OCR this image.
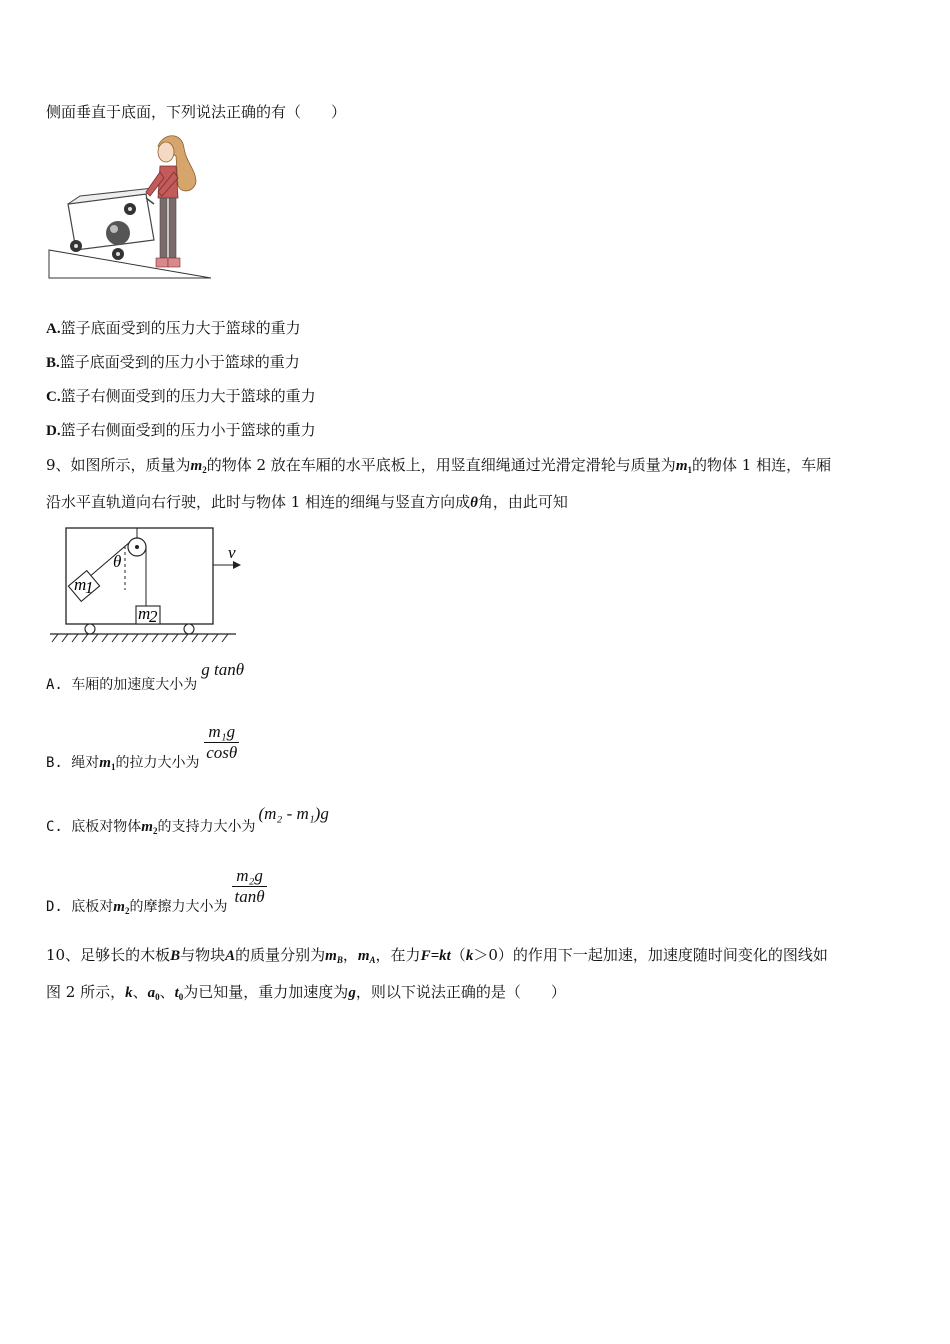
侧面垂直于底面，下列说法正确的有（　　）
A.篮子底面受到的压力大于篮球的重力
B.篮子底面受到的压力小于篮球的重力
C.篮子右侧面受到的压力大于篮球的重力
D.篮子右侧面受到的压力小于篮球的重力
9、如图所示，质量为$m_2$的物体 2 放在车厢的水平底板上，用竖直细绳通过光滑定滑轮与质量为$m_1$的物体 1 相连，车厢
沿水平直轨道向右行驶，此时与物体 1 相连的细绳与竖直方向成θ角，由此可知
θ
m
1
m
2
v
A. 车厢的加速度大小为g tanθ
B. 绳对$m_1$的拉力大小为 $\frac{\text{m₁g}}{\cos\theta}$
C. 底板对物体$m_2$的支持力大小为(m₂ - m₁)g
D. 底板对$m_2$的摩擦力大小为 $\frac{\text{m₂g}}{\tan\theta}$
10、足够长的木板B与物块A的质量分别为$m_B$，$m_A$，在力F=kt（k＞0）的作用下一起加速，加速度随时间变化的图线如
图 2 所示，k、$a_0$、$t_0$为已知量，重力加速度为g，则以下说法正确的是（　　）
